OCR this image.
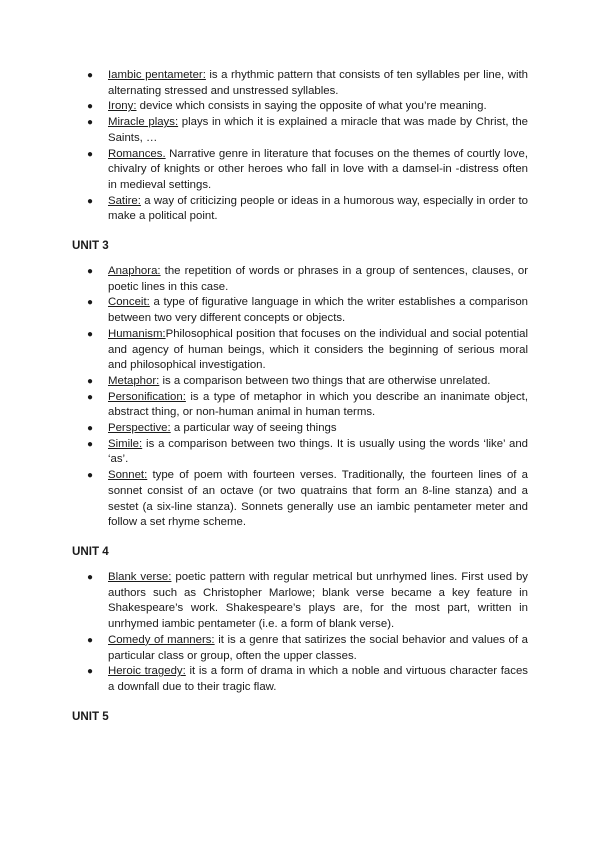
● Iambic pentameter: is a rhythmic pattern that consists of ten syllables per line, with alternating stressed and unstressed syllables.
● Irony: device which consists in saying the opposite of what you’re meaning.
● Miracle plays: plays in which it is explained a miracle that was made by Christ, the Saints, …
● Romances. Narrative genre in literature that focuses on the themes of courtly love, chivalry of knights or other heroes who fall in love with a damsel-in -distress often in medieval settings.
● Satire: a way of criticizing people or ideas in a humorous way, especially in order to make a political point.
UNIT 3
● Anaphora: the repetition of words or phrases in a group of sentences, clauses, or poetic lines in this case.
● Conceit: a type of figurative language in which the writer establishes a comparison between two very different concepts or objects.
● Humanism:Philosophical position that focuses on the individual and social potential and agency of human beings, which it considers the beginning of serious moral and philosophical investigation.
● Metaphor: is a comparison between two things that are otherwise unrelated.
● Personification: is a type of metaphor in which you describe an inanimate object, abstract thing, or non-human animal in human terms.
● Perspective: a particular way of seeing things
● Simile: is a comparison between two things. It is usually using the words ‘like’ and ‘as’.
● Sonnet: type of poem with fourteen verses. Traditionally, the fourteen lines of a sonnet consist of an octave (or two quatrains that form an 8-line stanza) and a sestet (a six-line stanza). Sonnets generally use an iambic pentameter meter and follow a set rhyme scheme.
UNIT 4
● Blank verse: poetic pattern with regular metrical but unrhymed lines. First used by authors such as Christopher Marlowe; blank verse became a key feature in Shakespeare’s work. Shakespeare’s plays are, for the most part, written in unrhymed iambic pentameter (i.e. a form of blank verse).
● Comedy of manners: it is a genre that satirizes the social behavior and values of a particular class or group, often the upper classes.
● Heroic tragedy: it is a form of drama in which a noble and virtuous character faces a downfall due to their tragic flaw.
UNIT 5
